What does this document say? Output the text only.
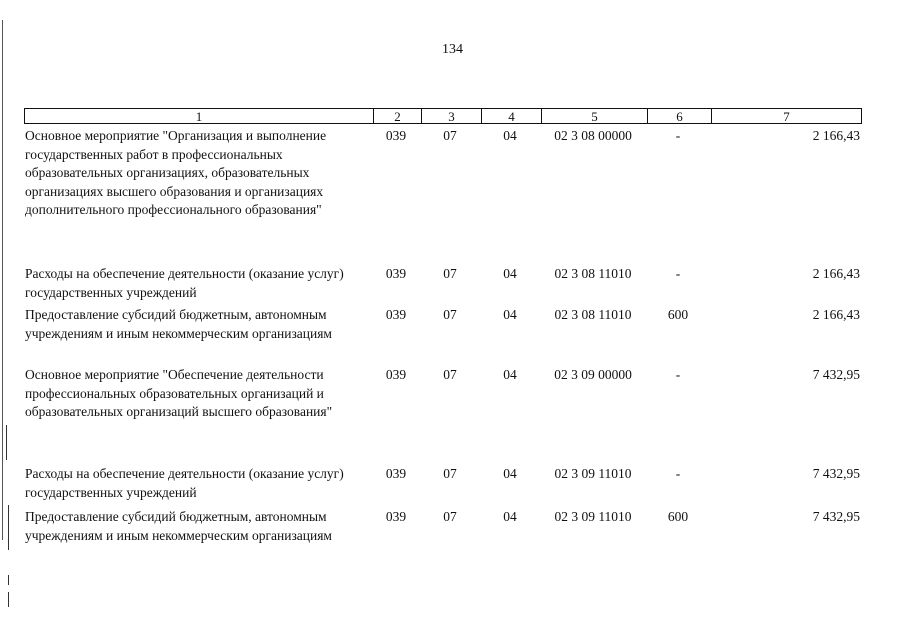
134
1	2	3	4	5	6	7
Основное мероприятие "Организация и выполнение государственных работ в профессиональных образовательных организациях, образовательных организациях высшего образования и организациях дополнительного профессионального образования"
039	07	04	02 3 08 00000	-	2 166,43
Расходы на обеспечение деятельности (оказание услуг) государственных учреждений
039	07	04	02 3 08 11010	-	2 166,43
Предоставление субсидий бюджетным, автономным учреждениям и иным некоммерческим организациям
039	07	04	02 3 08 11010	600	2 166,43
Основное мероприятие "Обеспечение деятельности профессиональных образовательных организаций и образовательных организаций высшего образования"
039	07	04	02 3 09 00000	-	7 432,95
Расходы на обеспечение деятельности (оказание услуг) государственных учреждений
039	07	04	02 3 09 11010	-	7 432,95
Предоставление субсидий бюджетным, автономным учреждениям и иным некоммерческим организациям
039	07	04	02 3 09 11010	600	7 432,95
